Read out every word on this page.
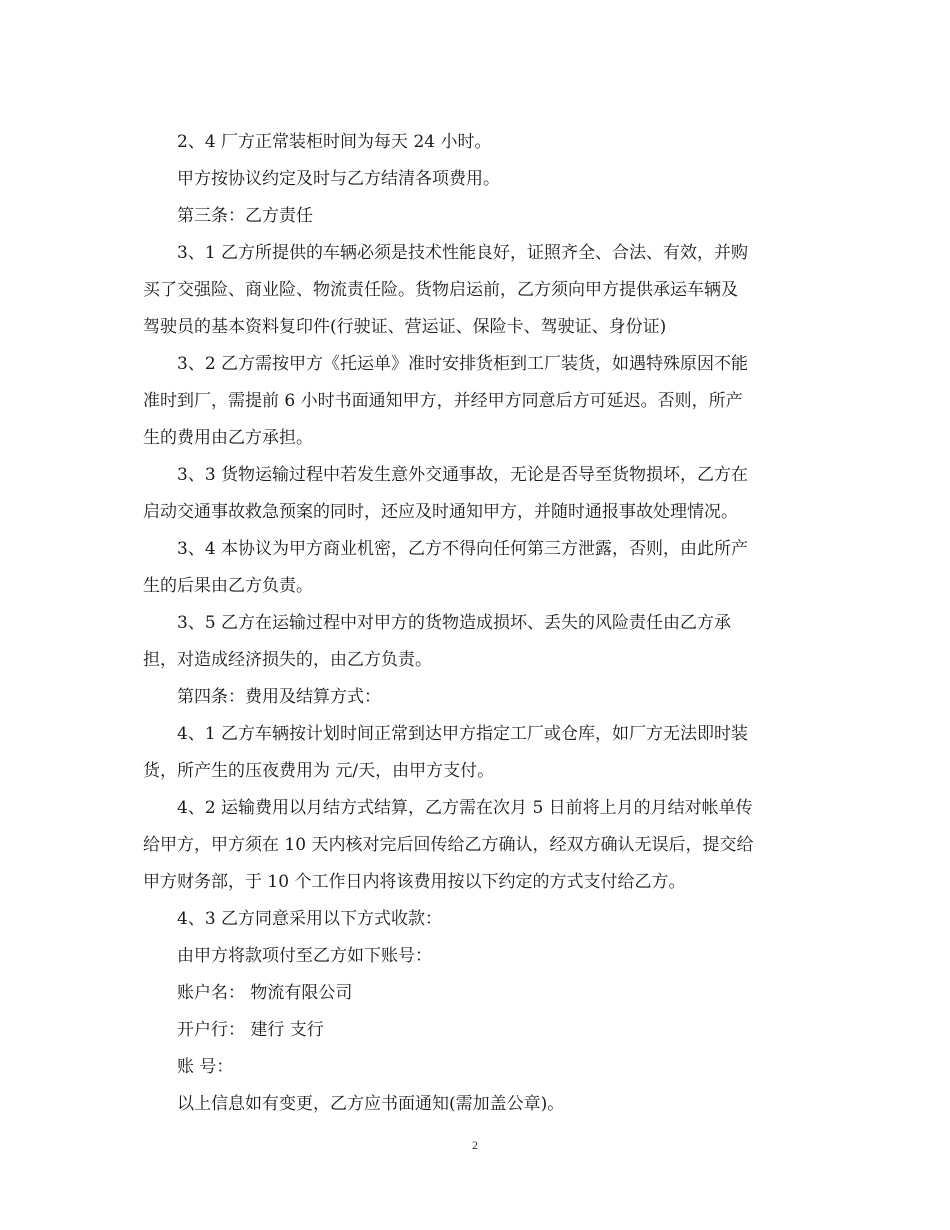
2、4 厂方正常装柜时间为每天 24 小时。
甲方按协议约定及时与乙方结清各项费用。
第三条：乙方责任
3、1 乙方所提供的车辆必须是技术性能良好，证照齐全、合法、有效，并购
买了交强险、商业险、物流责任险。货物启运前，乙方须向甲方提供承运车辆及
驾驶员的基本资料复印件(行驶证、营运证、保险卡、驾驶证、身份证)
3、2 乙方需按甲方《托运单》准时安排货柜到工厂装货，如遇特殊原因不能
准时到厂，需提前 6 小时书面通知甲方，并经甲方同意后方可延迟。否则，所产
生的费用由乙方承担。
3、3 货物运输过程中若发生意外交通事故，无论是否导至货物损坏，乙方在
启动交通事故救急预案的同时，还应及时通知甲方，并随时通报事故处理情况。
3、4 本协议为甲方商业机密，乙方不得向任何第三方泄露，否则，由此所产
生的后果由乙方负责。
3、5 乙方在运输过程中对甲方的货物造成损坏、丢失的风险责任由乙方承
担，对造成经济损失的，由乙方负责。
第四条：费用及结算方式：
4、1 乙方车辆按计划时间正常到达甲方指定工厂或仓库，如厂方无法即时装
货，所产生的压夜费用为 元/天，由甲方支付。
4、2 运输费用以月结方式结算，乙方需在次月 5 日前将上月的月结对帐单传
给甲方，甲方须在 10 天内核对完后回传给乙方确认，经双方确认无误后，提交给
甲方财务部，于 10 个工作日内将该费用按以下约定的方式支付给乙方。
4、3 乙方同意采用以下方式收款：
由甲方将款项付至乙方如下账号：
账户名： 物流有限公司
开户行： 建行 支行
账 号：
以上信息如有变更，乙方应书面通知(需加盖公章)。
2
